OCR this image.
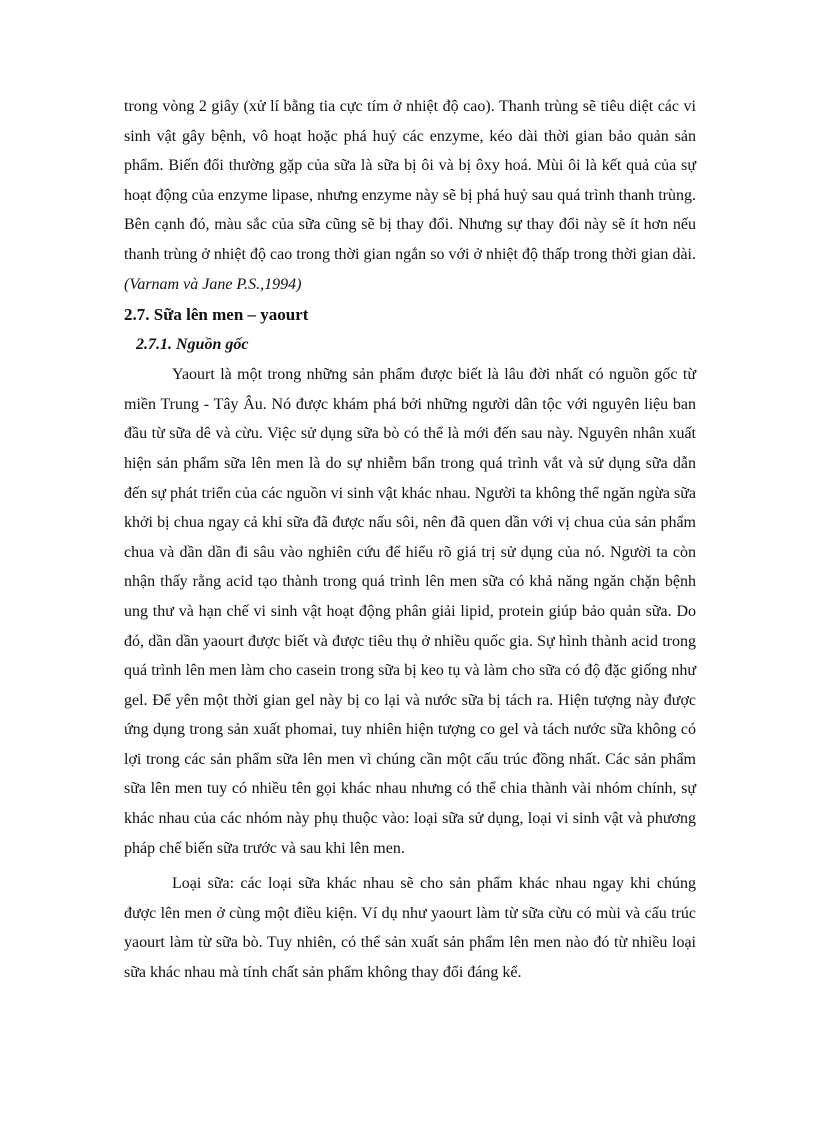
trong vòng 2 giây (xử lí bằng tia cực tím ở nhiệt độ cao). Thanh trùng sẽ tiêu diệt các vi sinh vật gây bệnh, vô hoạt hoặc phá huỷ các enzyme, kéo dài thời gian bảo quản sản phẩm. Biến đổi thường gặp của sữa là sữa bị ôi và bị ôxy hoá. Mùi ôi là kết quả của sự hoạt động của enzyme lipase, nhưng enzyme này sẽ bị phá huỷ sau quá trình thanh trùng. Bên cạnh đó, màu sắc của sữa cũng sẽ bị thay đổi. Nhưng sự thay đổi này sẽ ít hơn nếu thanh trùng ở nhiệt độ cao trong thời gian ngắn so với ở nhiệt độ thấp trong thời gian dài.(Varnam và Jane P.S.,1994)

2.7. Sữa lên men – yaourt
2.7.1. Nguồn gốc

Yaourt là một trong những sản phẩm được biết là lâu đời nhất có nguồn gốc từ miền Trung - Tây Âu. Nó được khám phá bởi những người dân tộc với nguyên liệu ban đầu từ sữa dê và cừu. Việc sử dụng sữa bò có thể là mới đến sau này. Nguyên nhân xuất hiện sản phẩm sữa lên men là do sự nhiễm bẩn trong quá trình vắt và sử dụng sữa dẫn đến sự phát triển của các nguồn vi sinh vật khác nhau. Người ta không thể ngăn ngừa sữa khởi bị chua ngay cả khi sữa đã được nấu sôi, nên đã quen dần với vị chua của sản phẩm chua và dần dần đi sâu vào nghiên cứu để hiểu rõ giá trị sử dụng của nó. Người ta còn nhận thấy rằng acid tạo thành trong quá trình lên men sữa có khả năng ngăn chặn bệnh ung thư và hạn chế vi sinh vật hoạt động phân giải lipid, protein giúp bảo quản sữa. Do đó, dần dần yaourt được biết và được tiêu thụ ở nhiều quốc gia. Sự hình thành acid trong quá trình lên men làm cho casein trong sữa bị keo tụ và làm cho sữa có độ đặc giống như gel. Để yên một thời gian gel này bị co lại và nước sữa bị tách ra. Hiện tượng này được ứng dụng trong sản xuất phomai, tuy nhiên hiện tượng co gel và tách nước sữa không có lợi trong các sản phẩm sữa lên men vì chúng cần một cấu trúc đồng nhất. Các sản phẩm sữa lên men tuy có nhiều tên gọi khác nhau nhưng có thể chia thành vài nhóm chính, sự khác nhau của các nhóm này phụ thuộc vào: loại sữa sử dụng, loại vi sinh vật và phương pháp chế biến sữa trước và sau khi lên men.

Loại sữa: các loại sữa khác nhau sẽ cho sản phẩm khác nhau ngay khi chúng được lên men ở cùng một điều kiện. Ví dụ như yaourt làm từ sữa cừu có mùi và cấu trúc yaourt làm từ sữa bò. Tuy nhiên, có thể sản xuất sản phẩm lên men nào đó từ nhiều loại sữa khác nhau mà tính chất sản phẩm không thay đổi đáng kể.
